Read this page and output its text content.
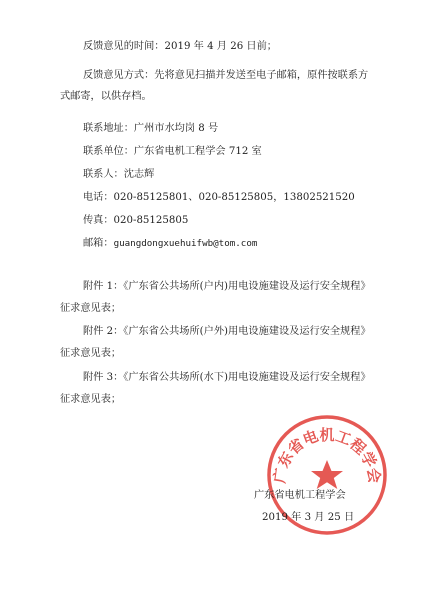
反馈意见的时间：2019 年 4 月 26 日前；
反馈意见方式：先将意见扫描并发送至电子邮箱，原件按联系方
式邮寄，以供存档。
联系地址：广州市水均岗 8 号
联系单位：广东省电机工程学会 712 室
联系人：沈志辉
电话：020-85125801、020-85125805，13802521520
传真：020-85125805
邮箱：guangdongxuehuifwb@tom.com
附件 1：《广东省公共场所(户内)用电设施建设及运行安全规程》
征求意见表；
附件 2：《广东省公共场所(户外)用电设施建设及运行安全规程》
征求意见表；
附件 3：《广东省公共场所(水下)用电设施建设及运行安全规程》
征求意见表；
广东省电机工程学会
广东省电机工程学会
2019 年 3 月 25 日
